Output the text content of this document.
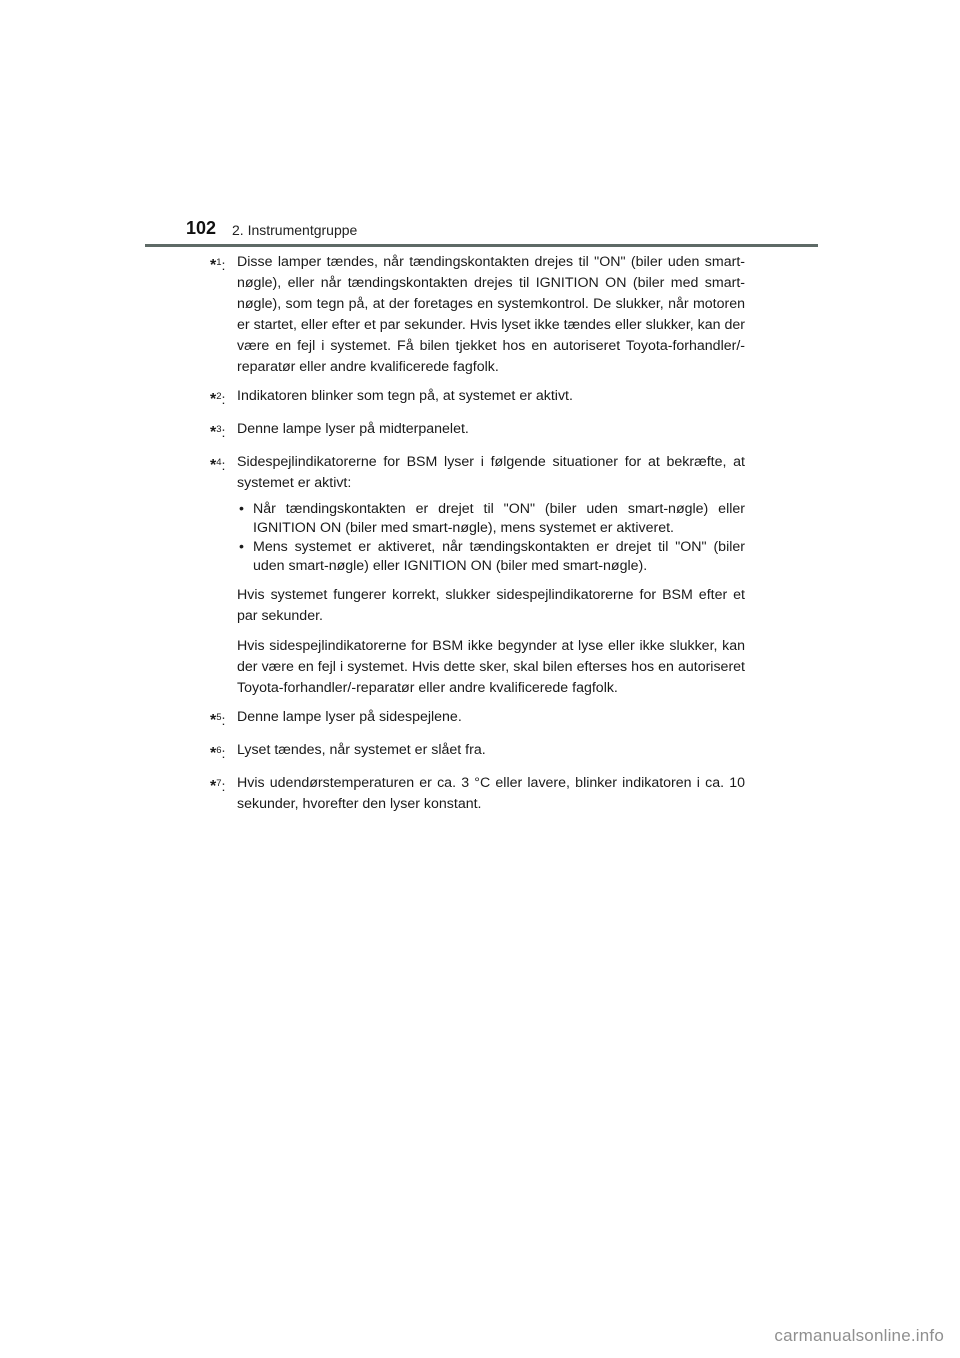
102 2. Instrumentgruppe
*$^1$: Disse lamper tændes, når tændingskontakten drejes til "ON" (biler uden smart-nøgle), eller når tændingskontakten drejes til IGNITION ON (biler med smart-nøgle), som tegn på, at der foretages en systemkontrol. De slukker, når motoren er startet, eller efter et par sekunder. Hvis lyset ikke tændes eller slukker, kan der være en fejl i systemet. Få bilen tjekket hos en autoriseret Toyota-forhandler/-reparatør eller andre kvalificerede fagfolk.

*$^2$: Indikatoren blinker som tegn på, at systemet er aktivt.

*$^3$: Denne lampe lyser på midterpanelet.

*$^4$: Sidespejlindikatorerne for BSM lyser i følgende situationer for at bekræfte, at systemet er aktivt:

• Når tændingskontakten er drejet til "ON" (biler uden smart-nøgle) eller IGNITION ON (biler med smart-nøgle), mens systemet er aktiveret.
• Mens systemet er aktiveret, når tændingskontakten er drejet til "ON" (biler uden smart-nøgle) eller IGNITION ON (biler med smart-nøgle).

Hvis systemet fungerer korrekt, slukker sidespejlindikatorerne for BSM efter et par sekunder.

Hvis sidespejlindikatorerne for BSM ikke begynder at lyse eller ikke slukker, kan der være en fejl i systemet. Hvis dette sker, skal bilen efterses hos en autoriseret Toyota-forhandler/-reparatør eller andre kvalificerede fagfolk.

*$^5$: Denne lampe lyser på sidespejlene.

*$^6$: Lyset tændes, når systemet er slået fra.

*$^7$: Hvis udendørstemperaturen er ca. 3 °C eller lavere, blinker indikatoren i ca. 10 sekunder, hvorefter den lyser konstant.

carmanualsonline.info
